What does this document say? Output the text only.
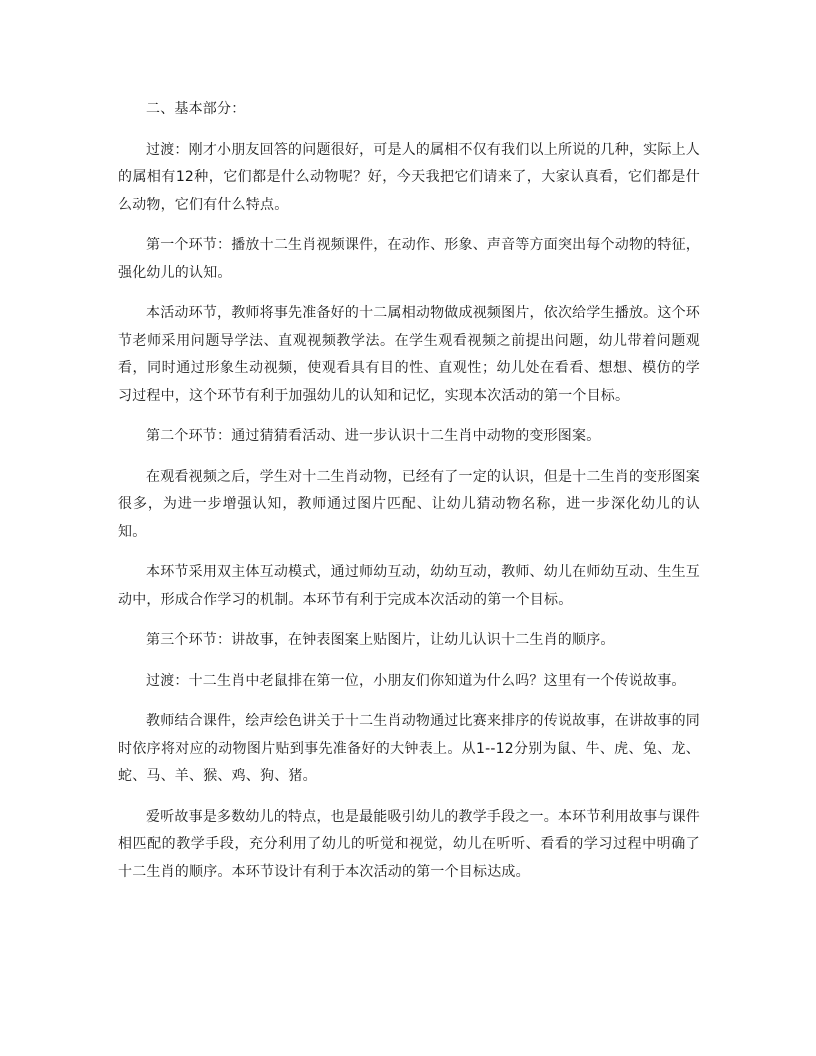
二、基本部分：

过渡：刚才小朋友回答的问题很好，可是人的属相不仅有我们以上所说的几种，实际上人的属相有12种，它们都是什么动物呢？好，今天我把它们请来了，大家认真看，它们都是什么动物，它们有什么特点。

第一个环节：播放十二生肖视频课件，在动作、形象、声音等方面突出每个动物的特征，强化幼儿的认知。

本活动环节，教师将事先准备好的十二属相动物做成视频图片，依次给学生播放。这个环节老师采用问题导学法、直观视频教学法。在学生观看视频之前提出问题，幼儿带着问题观看，同时通过形象生动视频，使观看具有目的性、直观性；幼儿处在看看、想想、模仿的学习过程中，这个环节有利于加强幼儿的认知和记忆，实现本次活动的第一个目标。

第二个环节：通过猜猜看活动、进一步认识十二生肖中动物的变形图案。

在观看视频之后，学生对十二生肖动物，已经有了一定的认识，但是十二生肖的变形图案很多，为进一步增强认知，教师通过图片匹配、让幼儿猜动物名称，进一步深化幼儿的认知。

本环节采用双主体互动模式，通过师幼互动，幼幼互动，教师、幼儿在师幼互动、生生互动中，形成合作学习的机制。本环节有利于完成本次活动的第一个目标。

第三个环节：讲故事，在钟表图案上贴图片，让幼儿认识十二生肖的顺序。

过渡：十二生肖中老鼠排在第一位，小朋友们你知道为什么吗？这里有一个传说故事。

教师结合课件，绘声绘色讲关于十二生肖动物通过比赛来排序的传说故事，在讲故事的同时依序将对应的动物图片贴到事先准备好的大钟表上。从1--12分别为鼠、牛、虎、兔、龙、蛇、马、羊、猴、鸡、狗、猪。

爱听故事是多数幼儿的特点，也是最能吸引幼儿的教学手段之一。本环节利用故事与课件相匹配的教学手段，充分利用了幼儿的听觉和视觉，幼儿在听听、看看的学习过程中明确了十二生肖的顺序。本环节设计有利于本次活动的第一个目标达成。
